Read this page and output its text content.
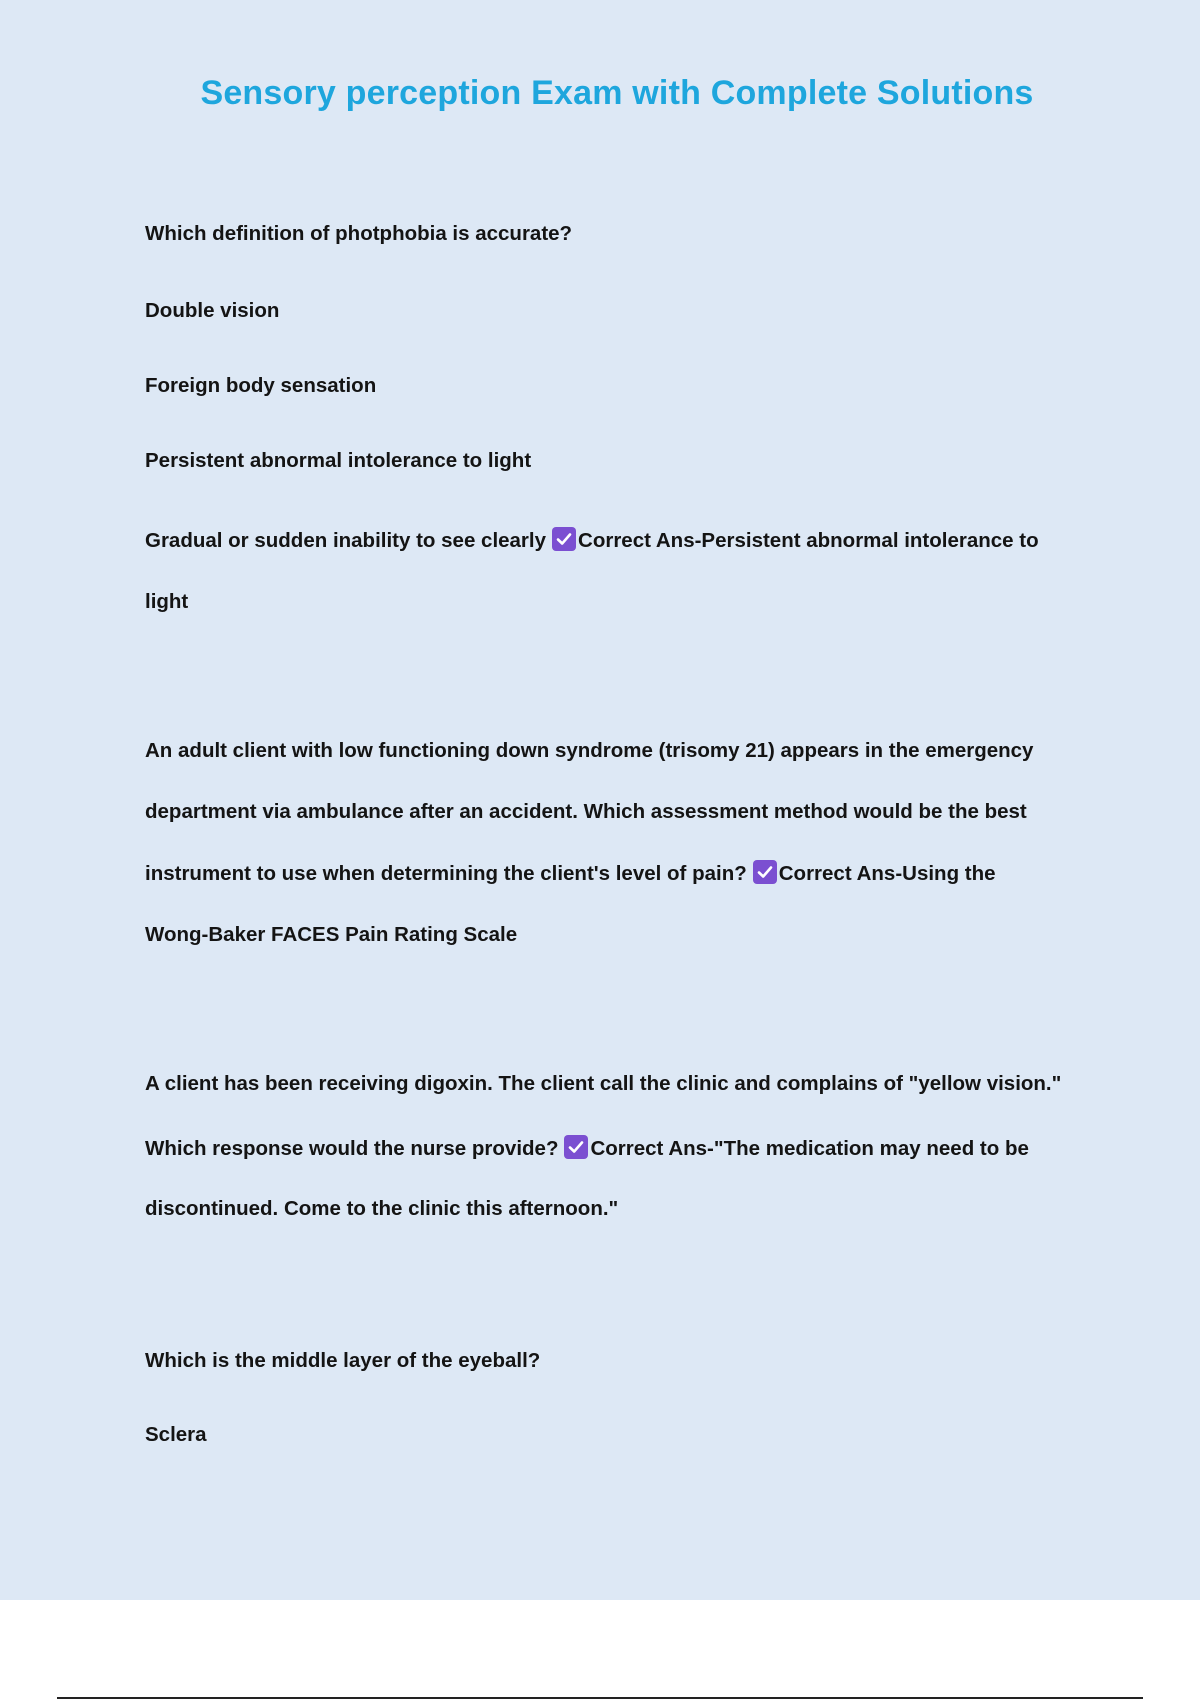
Sensory perception Exam with Complete Solutions
Which definition of photphobia is accurate?
Double vision
Foreign body sensation
Persistent abnormal intolerance to light
Gradual or sudden inability to see clearly Correct Ans-Persistent abnormal intolerance to
light
An adult client with low functioning down syndrome (trisomy 21) appears in the emergency
department via ambulance after an accident. Which assessment method would be the best
instrument to use when determining the client's level of pain? Correct Ans-Using the
Wong-Baker FACES Pain Rating Scale
A client has been receiving digoxin. The client call the clinic and complains of "yellow vision."
Which response would the nurse provide? Correct Ans-"The medication may need to be
discontinued. Come to the clinic this afternoon."
Which is the middle layer of the eyeball?
Sclera
